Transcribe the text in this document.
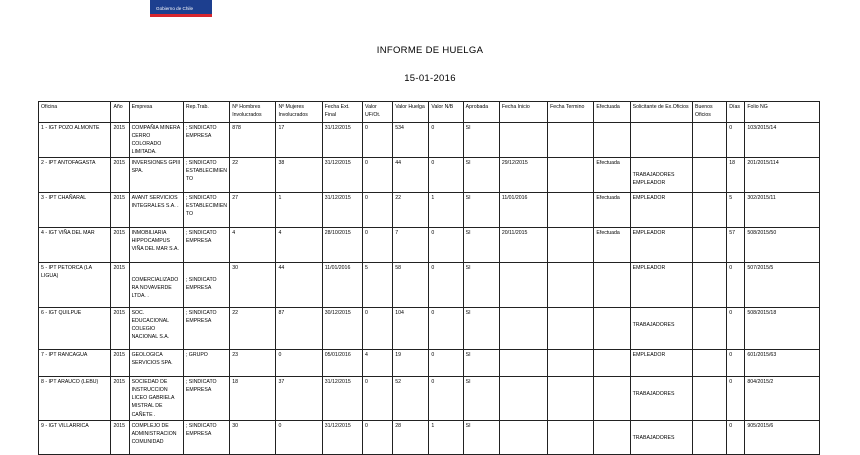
Gobierno de Chile
INFORME DE HUELGA
15-01-2016
Oficina	Año	Empresa	Rep.Trab.	Nº Hombres Involucrados	Nº Mujeres Involucrados	Fecha Ext. Final	Valor UF/Ot.	Valor Huelga	Valor N/B	Aprobada	Fecha Inicio	Fecha Termino	Efectuada	Solicitante de Ex.Oficios	Buenos Oficios	Días	Folio NG
1 - IGT POZO ALMONTE	2015	COMPAÑIA MINERA CERRO COLORADO LIMITADA.	; SINDICATO EMPRESA	878	17	31/12/2015	0	534	0	SI						0	103/2015/14
2 - IPT ANTOFAGASTA	2015	INVERSIONES GPIII SPA.	; SINDICATO ESTABLECIMIENTO	22	38	31/12/2015	0	44	0	SI	29/12/2015		Efectuada	TRABAJADORES EMPLEADOR		18	201/2015/114
3 - IPT CHAÑARAL	2015	AVANT SERVICIOS INTEGRALES S.A. .	; SINDICATO ESTABLECIMIENTO	27	1	31/12/2015	0	22	1	SI	11/01/2016		Efectuada	EMPLEADOR		5	302/2015/11
4 - IGT VIÑA DEL MAR	2015	INMOBILIARIA HIPPOCAMPUS VIÑA DEL MAR S.A.	; SINDICATO EMPRESA	4	4	28/10/2015	0	7	0	SI	20/11/2015		Efectuada	EMPLEADOR		57	508/2015/50
5 - IPT PETORCA (LA LIGUA)	2015	COMERCIALIZADORA NOVAVERDE LTDA. .	; SINDICATO EMPRESA	30	44	11/01/2016	5	58	0	SI				EMPLEADOR		0	507/2015/5
6 - IGT QUILPUE	2015	SOC. EDUCACIONAL COLEGIO NACIONAL S.A.	; SINDICATO EMPRESA	22	87	30/12/2015	0	104	0	SI				TRABAJADORES		0	508/2015/18
7 - IPT RANCAGUA	2015	GEOLOGICA SERVICIOS SPA.	; GRUPO	23	0	05/01/2016	4	19	0	SI				EMPLEADOR		0	601/2015/63
8 - IPT ARAUCO (LEBU)	2015	SOCIEDAD DE INSTRUCCION LICEO GABRIELA MISTRAL DE CAÑETE .	; SINDICATO EMPRESA	18	37	31/12/2015	0	52	0	SI				TRABAJADORES		0	804/2015/2
9 - IGT VILLARRICA	2015	COMPLEJO DE ADMINISTRACION COMUNIDAD	; SINDICATO EMPRESA	30	0	31/12/2015	0	28	1	SI				TRABAJADORES		0	905/2015/6
